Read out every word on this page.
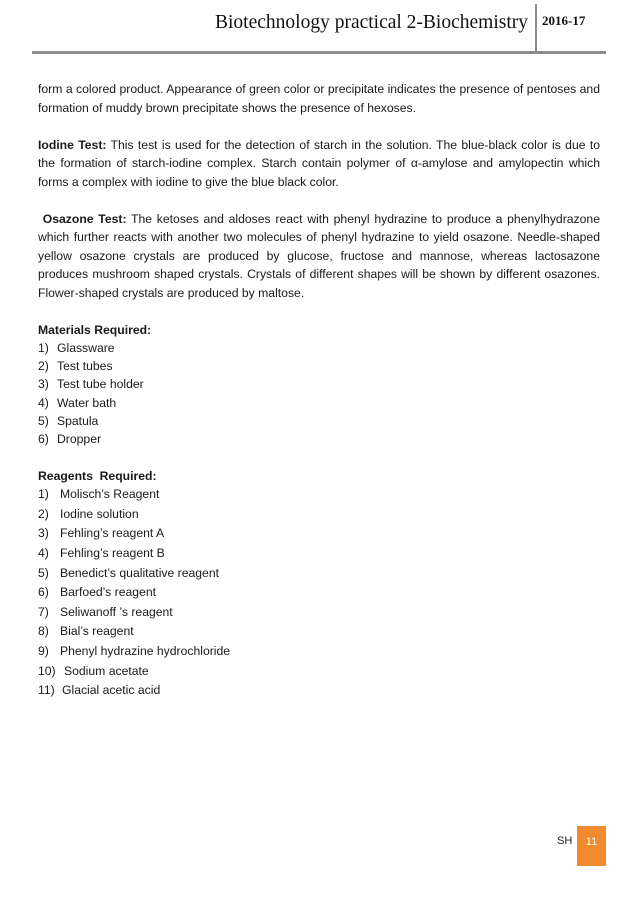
Biotechnology practical 2-Biochemistry 2016-17

form a colored product. Appearance of green color or precipitate indicates the presence of pentoses and formation of muddy brown precipitate shows the presence of hexoses.

Iodine Test: This test is used for the detection of starch in the solution. The blue-black color is due to the formation of starch-iodine complex. Starch contain polymer of α-amylose and amylopectin which forms a complex with iodine to give the blue black color.

Osazone Test: The ketoses and aldoses react with phenyl hydrazine to produce a phenylhydrazone which further reacts with another two molecules of phenyl hydrazine to yield osazone. Needle-shaped yellow osazone crystals are produced by glucose, fructose and mannose, whereas lactosazone produces mushroom shaped crystals. Crystals of different shapes will be shown by different osazones. Flower-shaped crystals are produced by maltose.

Materials Required:

1) Glassware
2) Test tubes
3) Test tube holder
4) Water bath
5) Spatula
6) Dropper

Reagents  Required:

1) Molisch’s Reagent
2) Iodine solution
3) Fehling’s reagent A
4) Fehling’s reagent B
5) Benedict’s qualitative reagent
6) Barfoed’s reagent
7) Seliwanoff ’s reagent
8) Bial’s reagent
9) Phenyl hydrazine hydrochloride
10) Sodium acetate
11) Glacial acetic acid
SH	11
